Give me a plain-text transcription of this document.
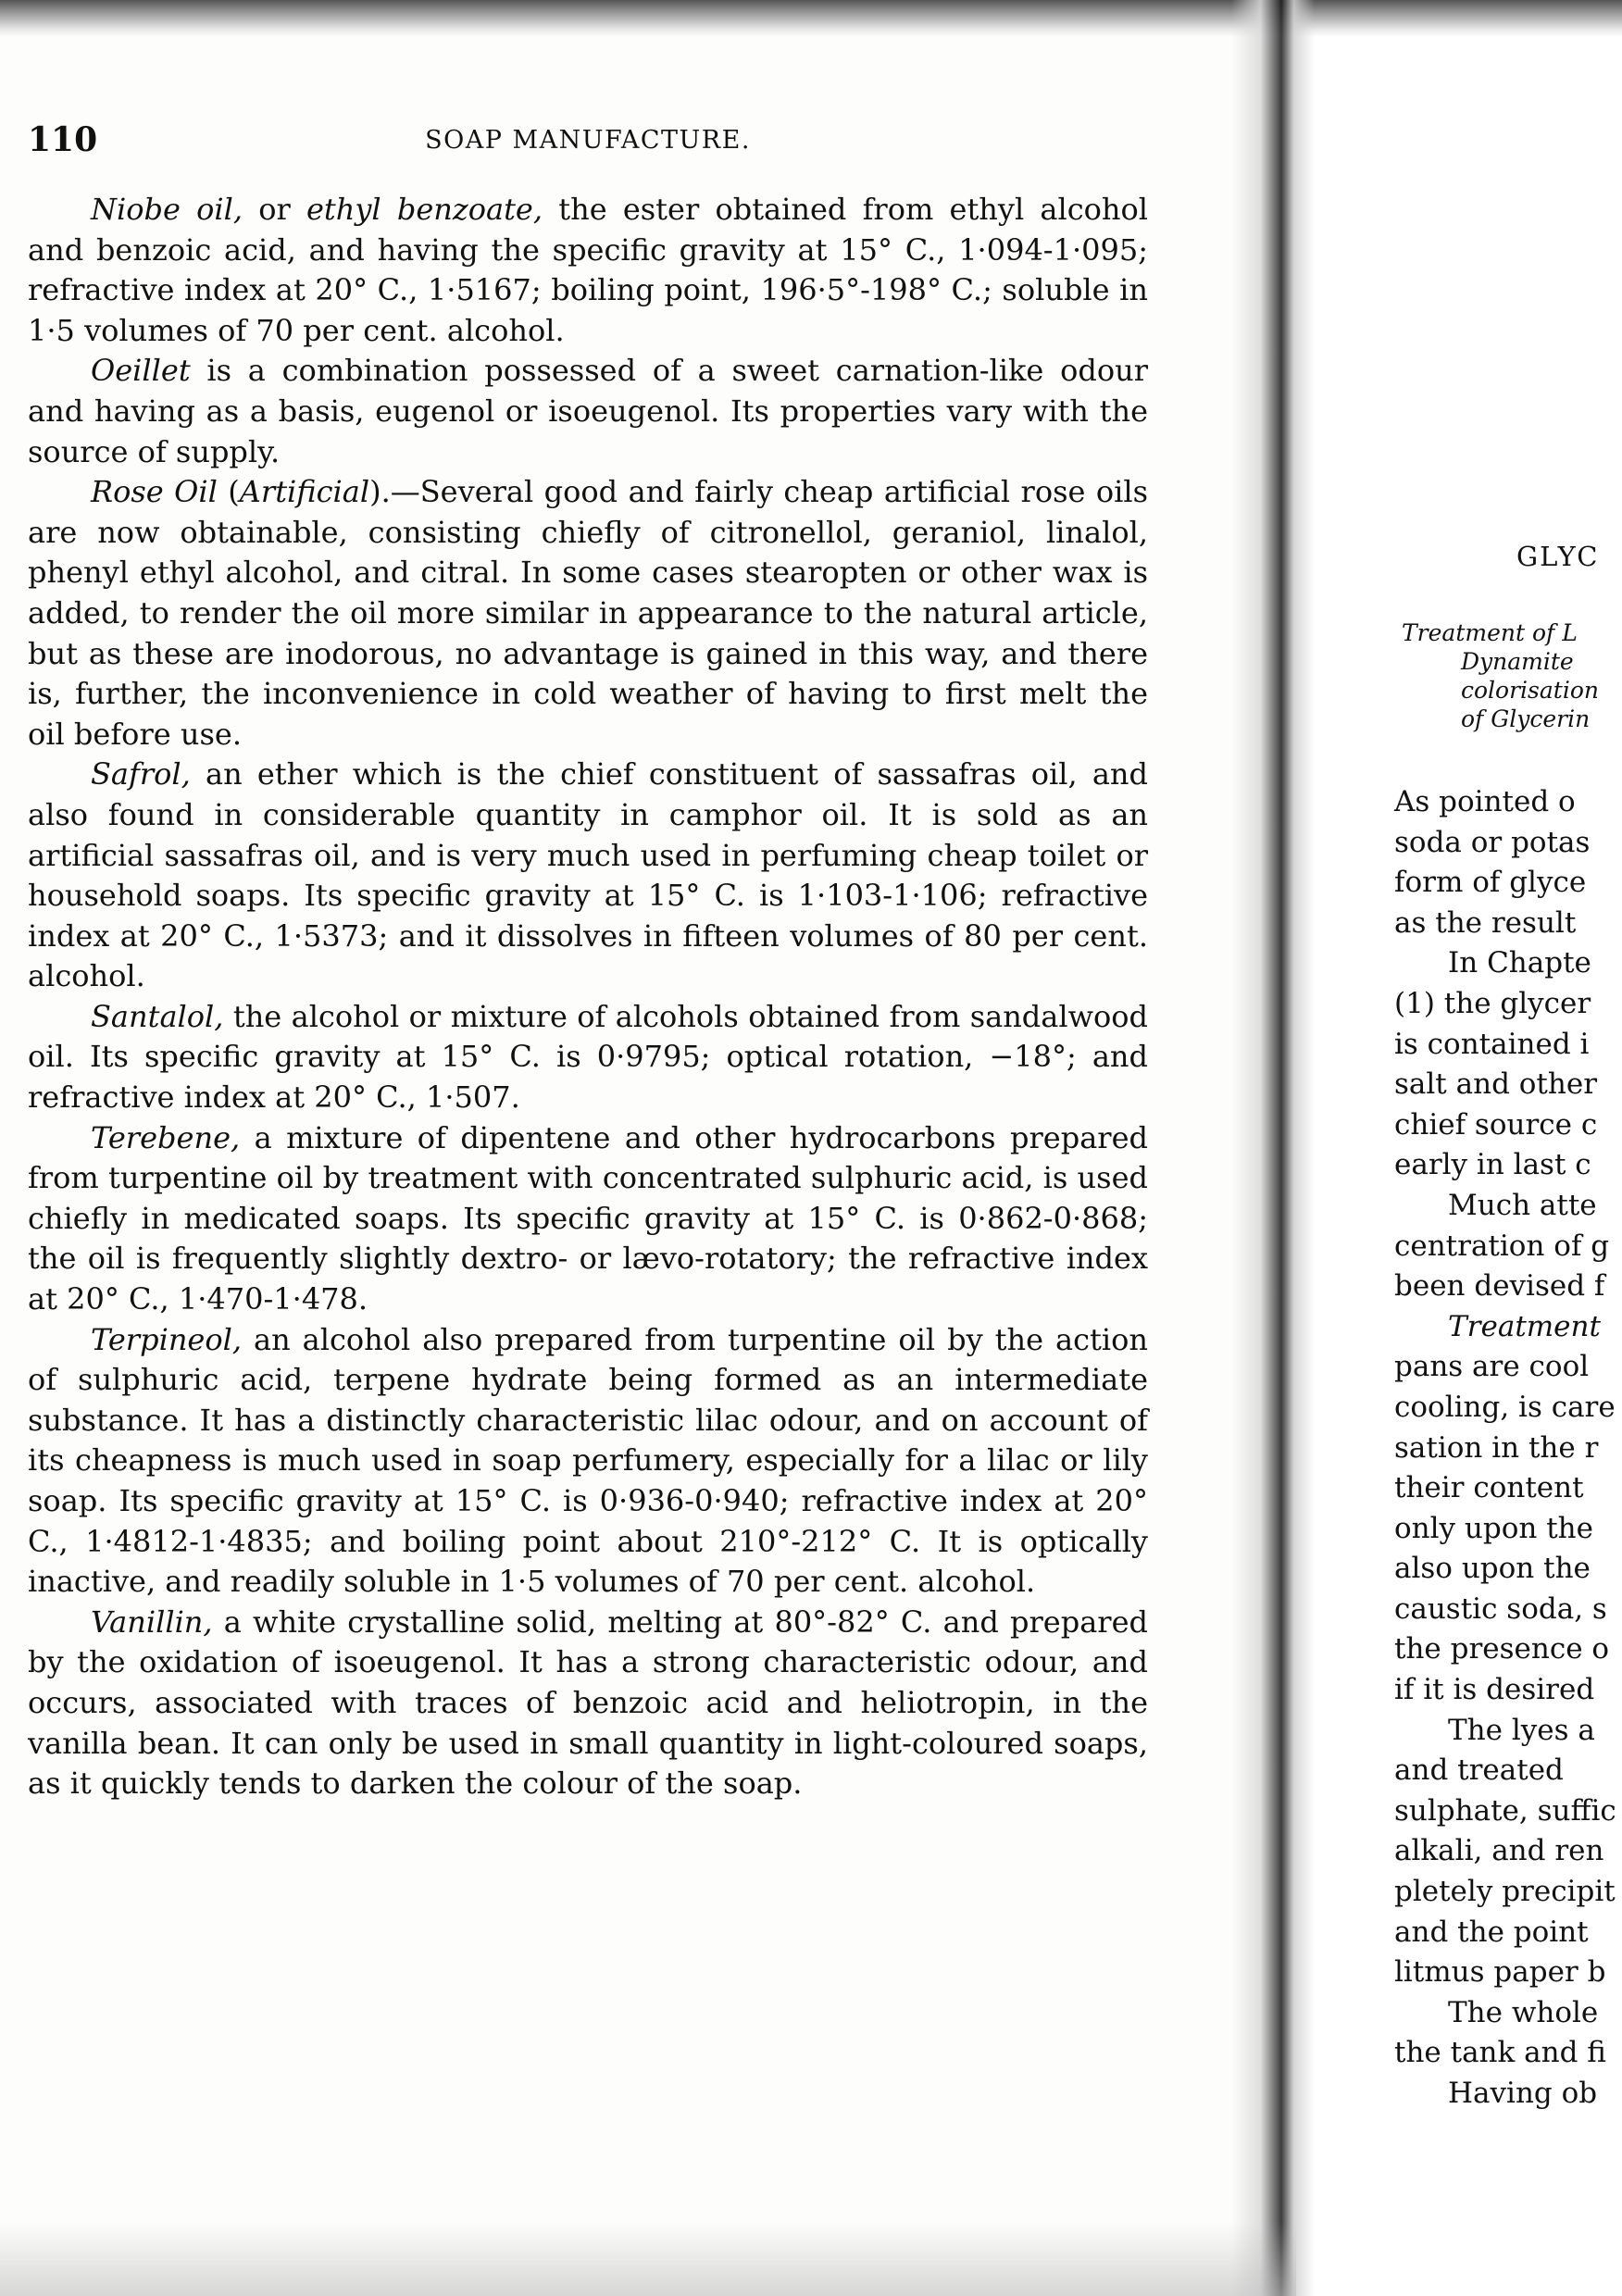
110	SOAP MANUFACTURE.

Niobe oil, or ethyl benzoate, the ester obtained from ethyl alcohol and benzoic acid, and having the specific gravity at 15° C., 1·094-1·095; refractive index at 20° C., 1·5167; boiling point, 196·5°-198° C.; soluble in 1·5 volumes of 70 per cent. alcohol.

Oeillet is a combination possessed of a sweet carnation-like odour and having as a basis, eugenol or isoeugenol. Its properties vary with the source of supply.

Rose Oil (Artificial).—Several good and fairly cheap artificial rose oils are now obtainable, consisting chiefly of citronellol, geraniol, linalol, phenyl ethyl alcohol, and citral. In some cases stearopten or other wax is added, to render the oil more similar in appearance to the natural article, but as these are inodorous, no advantage is gained in this way, and there is, further, the inconvenience in cold weather of having to first melt the oil before use.

Safrol, an ether which is the chief constituent of sassafras oil, and also found in considerable quantity in camphor oil. It is sold as an artificial sassafras oil, and is very much used in perfuming cheap toilet or household soaps. Its specific gravity at 15° C. is 1·103-1·106; refractive index at 20° C., 1·5373; and it dissolves in fifteen volumes of 80 per cent. alcohol.

Santalol, the alcohol or mixture of alcohols obtained from sandalwood oil. Its specific gravity at 15° C. is 0·9795; optical rotation, −18°; and refractive index at 20° C., 1·507.

Terebene, a mixture of dipentene and other hydrocarbons prepared from turpentine oil by treatment with concentrated sulphuric acid, is used chiefly in medicated soaps. Its specific gravity at 15° C. is 0·862-0·868; the oil is frequently slightly dextro- or lævo-rotatory; the refractive index at 20° C., 1·470-1·478.

Terpineol, an alcohol also prepared from turpentine oil by the action of sulphuric acid, terpene hydrate being formed as an intermediate substance. It has a distinctly characteristic lilac odour, and on account of its cheapness is much used in soap perfumery, especially for a lilac or lily soap. Its specific gravity at 15° C. is 0·936-0·940; refractive index at 20° C., 1·4812-1·4835; and boiling point about 210°-212° C. It is optically inactive, and readily soluble in 1·5 volumes of 70 per cent. alcohol.

Vanillin, a white crystalline solid, melting at 80°-82° C. and prepared by the oxidation of isoeugenol. It has a strong characteristic odour, and occurs, associated with traces of benzoic acid and heliotropin, in the vanilla bean. It can only be used in small quantity in light-coloured soaps, as it quickly tends to darken the colour of the soap.

GLYC
Treatment of L
Dynamite
colorisation
of Glycerin
As pointed o
soda or potas
form of glyce
as the result
In Chapte
(1) the glycer
is contained i
salt and other
chief source c
early in last c
Much atte
centration of g
been devised f
Treatment
pans are cool
cooling, is care
sation in the r
their content
only upon the
also upon the
caustic soda, s
the presence o
if it is desired
The lyes a
and treated
sulphate, suffic
alkali, and ren
pletely precipit
and the point
litmus paper b
The whole
the tank and fi
Having ob
